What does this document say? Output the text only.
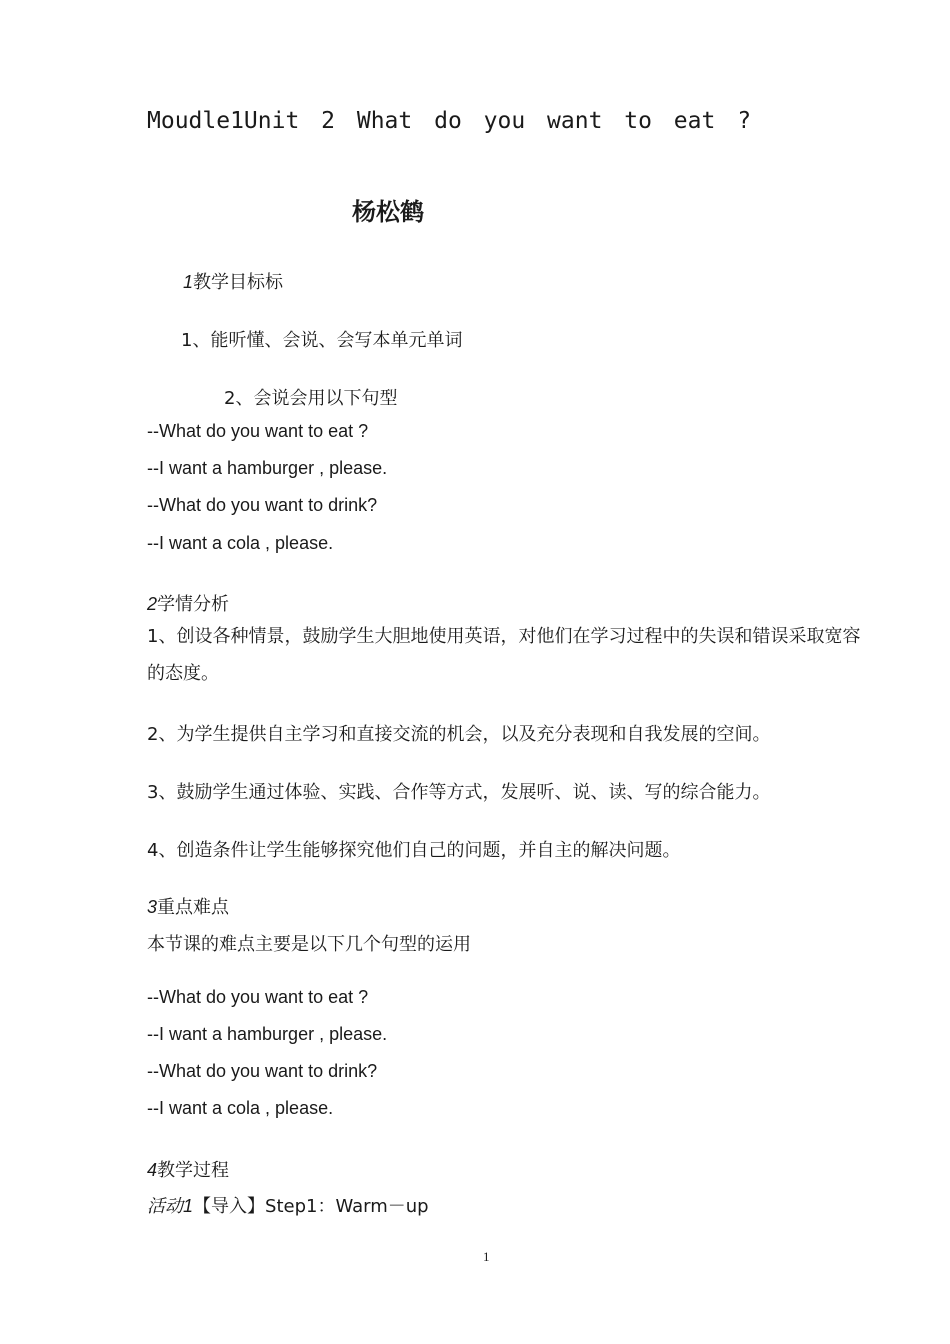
Moudle1Unit 2 What do you want to eat ?
杨松鹤
1教学目标标
1、能听懂、会说、会写本单元单词
2、会说会用以下句型
--What do you want to eat ?
--I want a hamburger , please.
--What do you want to drink?
--I want a cola , please.
2学情分析
1、创设各种情景，鼓励学生大胆地使用英语，对他们在学习过程中的失误和错误采取宽容的态度。
2、为学生提供自主学习和直接交流的机会，以及充分表现和自我发展的空间。
3、鼓励学生通过体验、实践、合作等方式，发展听、说、读、写的综合能力。
4、创造条件让学生能够探究他们自己的问题，并自主的解决问题。
3重点难点
本节课的难点主要是以下几个句型的运用
--What do you want to eat ?
--I want a hamburger , please.
--What do you want to drink?
--I want a cola , please.
4教学过程
活动1【导入】Step1：Warm－up
1
